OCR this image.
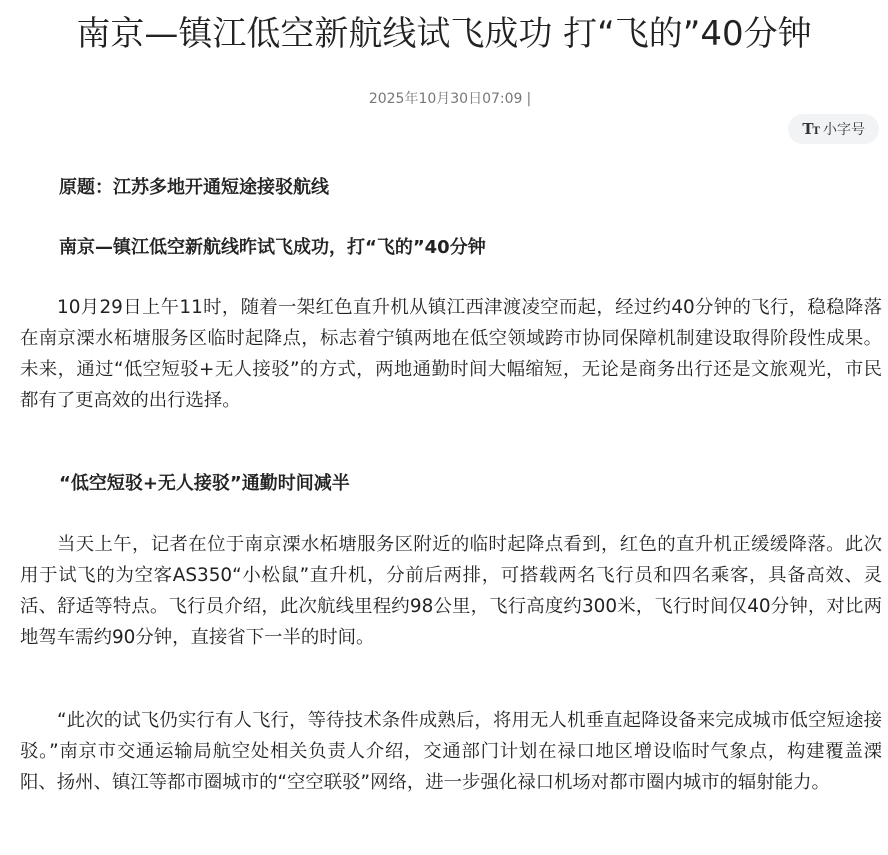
南京—镇江低空新航线试飞成功 打“飞的”40分钟
2025年10月30日07:09 |
TT 小字号

原题：江苏多地开通短途接驳航线

南京—镇江低空新航线昨试飞成功，打“飞的”40分钟

10月29日上午11时，随着一架红色直升机从镇江西津渡凌空而起，经过约40分钟的飞行，稳稳降落在南京溧水柘塘服务区临时起降点，标志着宁镇两地在低空领域跨市协同保障机制建设取得阶段性成果。未来，通过“低空短驳+无人接驳”的方式，两地通勤时间大幅缩短，无论是商务出行还是文旅观光，市民都有了更高效的出行选择。

“低空短驳+无人接驳”通勤时间减半

当天上午，记者在位于南京溧水柘塘服务区附近的临时起降点看到，红色的直升机正缓缓降落。此次用于试飞的为空客AS350“小松鼠”直升机，分前后两排，可搭载两名飞行员和四名乘客，具备高效、灵活、舒适等特点。飞行员介绍，此次航线里程约98公里，飞行高度约300米，飞行时间仅40分钟，对比两地驾车需约90分钟，直接省下一半的时间。

“此次的试飞仍实行有人飞行，等待技术条件成熟后，将用无人机垂直起降设备来完成城市低空短途接驳。”南京市交通运输局航空处相关负责人介绍，交通部门计划在禄口地区增设临时气象点，构建覆盖溧阳、扬州、镇江等都市圈城市的“空空联驳”网络，进一步强化禄口机场对都市圈内城市的辐射能力。
